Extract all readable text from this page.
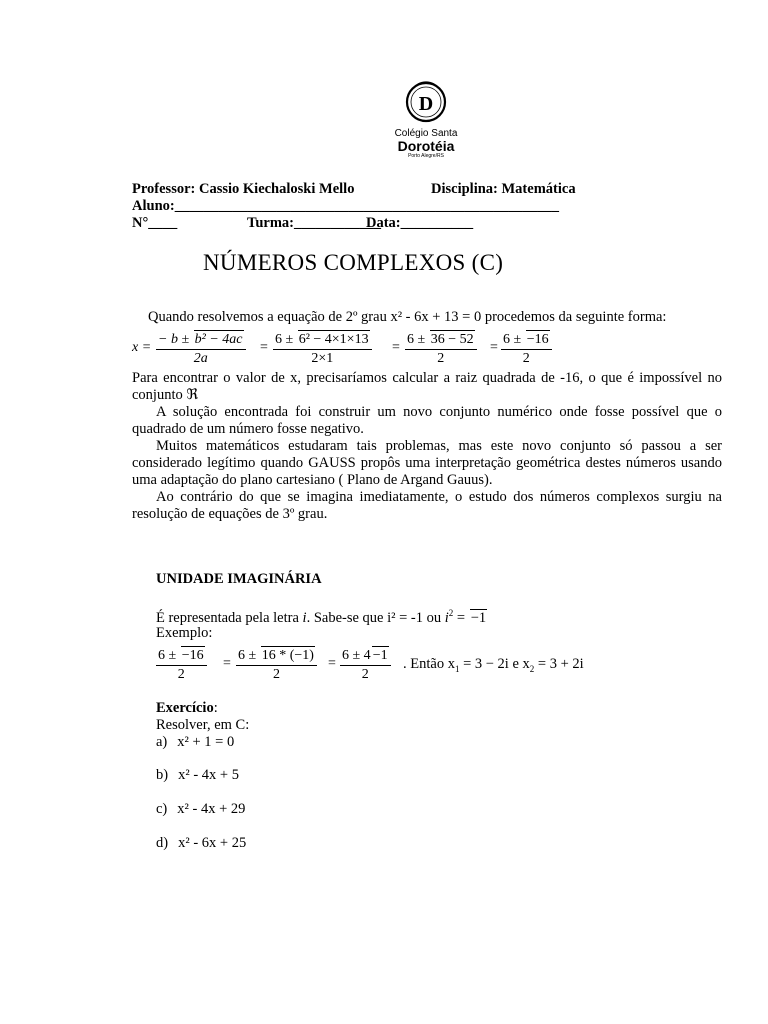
D
Colégio Santa
Dorotéia
Porto Alegre/RS
Professor: Cassio Kiechaloski Mello	Disciplina: Matemática
Aluno:_____________________________________________________
N°____	Turma:____________
Data:__________
NÚMEROS COMPLEXOS (C)
Quando resolvemos a equação de 2º grau x² - 6x + 13 = 0 procedemos da seguinte forma:
$x = \frac{\text{− b ± b² − 4ac}}{2a} = \frac{\text{6 ± 6² − 4×1×13}}{2\times 1} = \frac{6 \pm 36 - 52}{2} = \frac{6 \pm -16}{2}$
Para encontrar o valor de x, precisaríamos calcular a raiz quadrada de -16, o que é impossível no conjunto ℜ
A solução encontrada foi construir um novo conjunto numérico onde fosse possível que o quadrado de um número fosse negativo.
Muitos matemáticos estudaram tais problemas, mas este novo conjunto só passou a ser considerado legítimo quando GAUSS propôs uma interpretação geométrica destes números usando uma adaptação do plano cartesiano ( Plano de Argand Gauus).
Ao contrário do que se imagina imediatamente, o estudo dos números complexos surgiu na resolução de equações de 3º grau.
UNIDADE IMAGINÁRIA
É representada pela letra i. Sabe-se que i² = -1 ou $i^2 = -1$
Exemplo:
$\frac{6 \pm -16}{2} = \frac{6 \pm 16 * (-1)}{2} = \frac{6 \pm 4 -1}{2}$ . Então $x_1 = 3 - 2i$ e $x_2 = 3 + 2i$
Exercício:
Resolver, em C:
a) x² + 1 = 0
b) x² - 4x + 5
c) x² - 4x + 29
d) x² - 6x + 25
